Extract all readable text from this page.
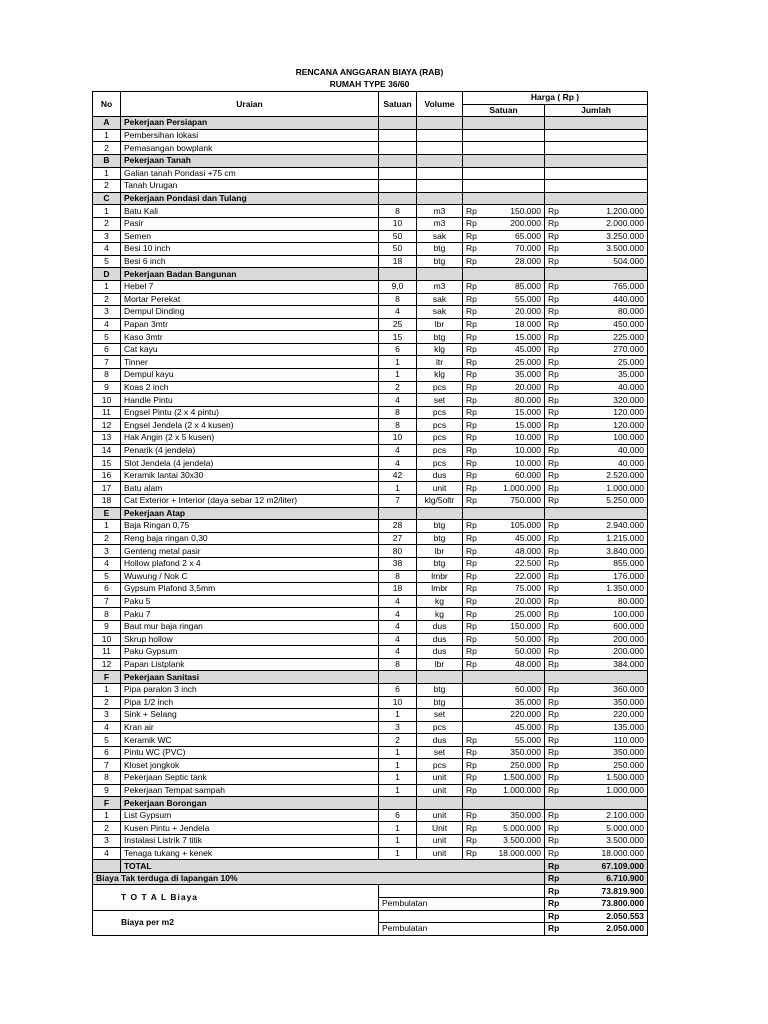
RENCANA ANGGARAN BIAYA (RAB)
RUMAH TYPE 36/60
No	Uraian	Satuan	Volume	Harga ( Rp )	
				Satuan	Jumlah
A	Pekerjaan Persiapan				
1	Pembersihan lokasi			

2	Pemasangan bowplank			

B	Pekerjaan Tanah				
1	Galian tanah Pondasi +75 cm			

2	Tanah Urugan			

C	Pekerjaan Pondasi dan Tulang				
1	Batu Kali	8	m3	Rp 150.000	Rp 1.200.000

2	Pasir	10	m3	Rp 200.000	Rp 2.000.000

3	Semen	50	sak	Rp 65.000	Rp 3.250.000

4	Besi 10 inch	50	btg	Rp 70.000	Rp 3.500.000

5	Besi 6 inch	18	btg	Rp 28.000	Rp 504.000

D	Pekerjaan Badan Bangunan				
1	Hebel 7	9,0	m3	Rp 85.000	Rp 765.000

2	Mortar Perekat	8	sak	Rp 55.000	Rp 440.000

3	Dempul Dinding	4	sak	Rp 20.000	Rp 80.000

4	Papan 3mtr	25	lbr	Rp 18.000	Rp 450.000

5	Kaso 3mtr	15	btg	Rp 15.000	Rp 225.000

6	Cat kayu	6	klg	Rp 45.000	Rp 270.000

7	Tinner	1	ltr	Rp 25.000	Rp 25.000

8	Dempul kayu	1	klg	Rp 35.000	Rp 35.000

9	Koas 2 inch	2	pcs	Rp 20.000	Rp 40.000

10	Handle Pintu	4	set	Rp 80.000	Rp 320.000

11	Engsel Pintu (2 x 4 pintu)	8	pcs	Rp 15.000	Rp 120.000

12	Engsel Jendela (2 x 4 kusen)	8	pcs	Rp 15.000	Rp 120.000

13	Hak Angin (2 x 5 kusen)	10	pcs	Rp 10.000	Rp 100.000

14	Penarik (4 jendela)	4	pcs	Rp 10.000	Rp 40.000

15	Slot Jendela (4 jendela)	4	pcs	Rp 10.000	Rp 40.000

16	Keramik lantai 30x30	42	dus	Rp 60.000	Rp 2.520.000

17	Batu alam	1	unit	Rp 1.000.000	Rp 1.000.000

18	Cat Exterior + Interior (daya sebar 12 m2/liter)	7	klg/5oltr	Rp 750.000	Rp 5.250.000

E	Pekerjaan Atap				
1	Baja Ringan 0,75	28	btg	Rp 105.000	Rp 2.940.000

2	Reng baja ringan 0,30	27	btg	Rp 45.000	Rp 1.215.000

3	Genteng metal pasir	80	lbr	Rp 48.000	Rp 3.840.000

4	Hollow plafond 2 x 4	38	btg	Rp 22.500	Rp 855.000

5	Wuwung / Nok C	8	lmbr	Rp 22.000	Rp 176.000

6	Gypsum Plafond 3,5mm	18	lmbr	Rp 75.000	Rp 1.350.000

7	Paku 5	4	kg	Rp 20.000	Rp 80.000

8	Paku 7	4	kg	Rp 25.000	Rp 100.000

9	Baut mur baja ringan	4	dus	Rp 150.000	Rp 600.000

10	Skrup hollow	4	dus	Rp 50.000	Rp 200.000

11	Paku Gypsum	4	dus	Rp 50.000	Rp 200.000

12	Papan Listplank	8	lbr	Rp 48.000	Rp 384.000

F	Pekerjaan Sanitasi				
1	Pipa paralon 3 inch	6	btg	60.000	Rp 360.000

2	Pipa 1/2 inch	10	btg	35.000	Rp 350.000

3	Sink + Selang	1	set	220.000	Rp 220.000

4	Kran air	3	pcs	45.000	Rp 135.000

5	Keramik WC	2	dus	Rp 55.000	Rp 110.000

6	Pintu WC (PVC)	1	set	Rp 350.000	Rp 350.000

7	Kloset jongkok	1	pcs	Rp 250.000	Rp 250.000

8	Pekerjaan Septic tank	1	unit	Rp 1.500.000	Rp 1.500.000

9	Pekerjaan Tempat sampah	1	unit	Rp 1.000.000	Rp 1.000.000

F	Pekerjaan Borongan				
1	List Gypsum	6	unit	Rp 350.000	Rp 2.100.000

2	Kusen Pintu + Jendela	1	Unit	Rp 5.000.000	Rp 5.000.000

3	Instalasi Listrik 7 titik	1	unit	Rp 3.500.000	Rp 3.500.000

4	Tenaga tukang + kenek	1	unit	Rp 18.000.000	Rp 18.000.000

	TOTAL				Rp 67.109.000

Biaya Tak terduga di lapangan 10%					Rp 6.710.900

T O T A L Biaya					Rp 73.819.900

		Pembulatan			Rp 73.800.000

Biaya per m2					Rp 2.050.553

		Pembulatan			Rp 2.050.000
